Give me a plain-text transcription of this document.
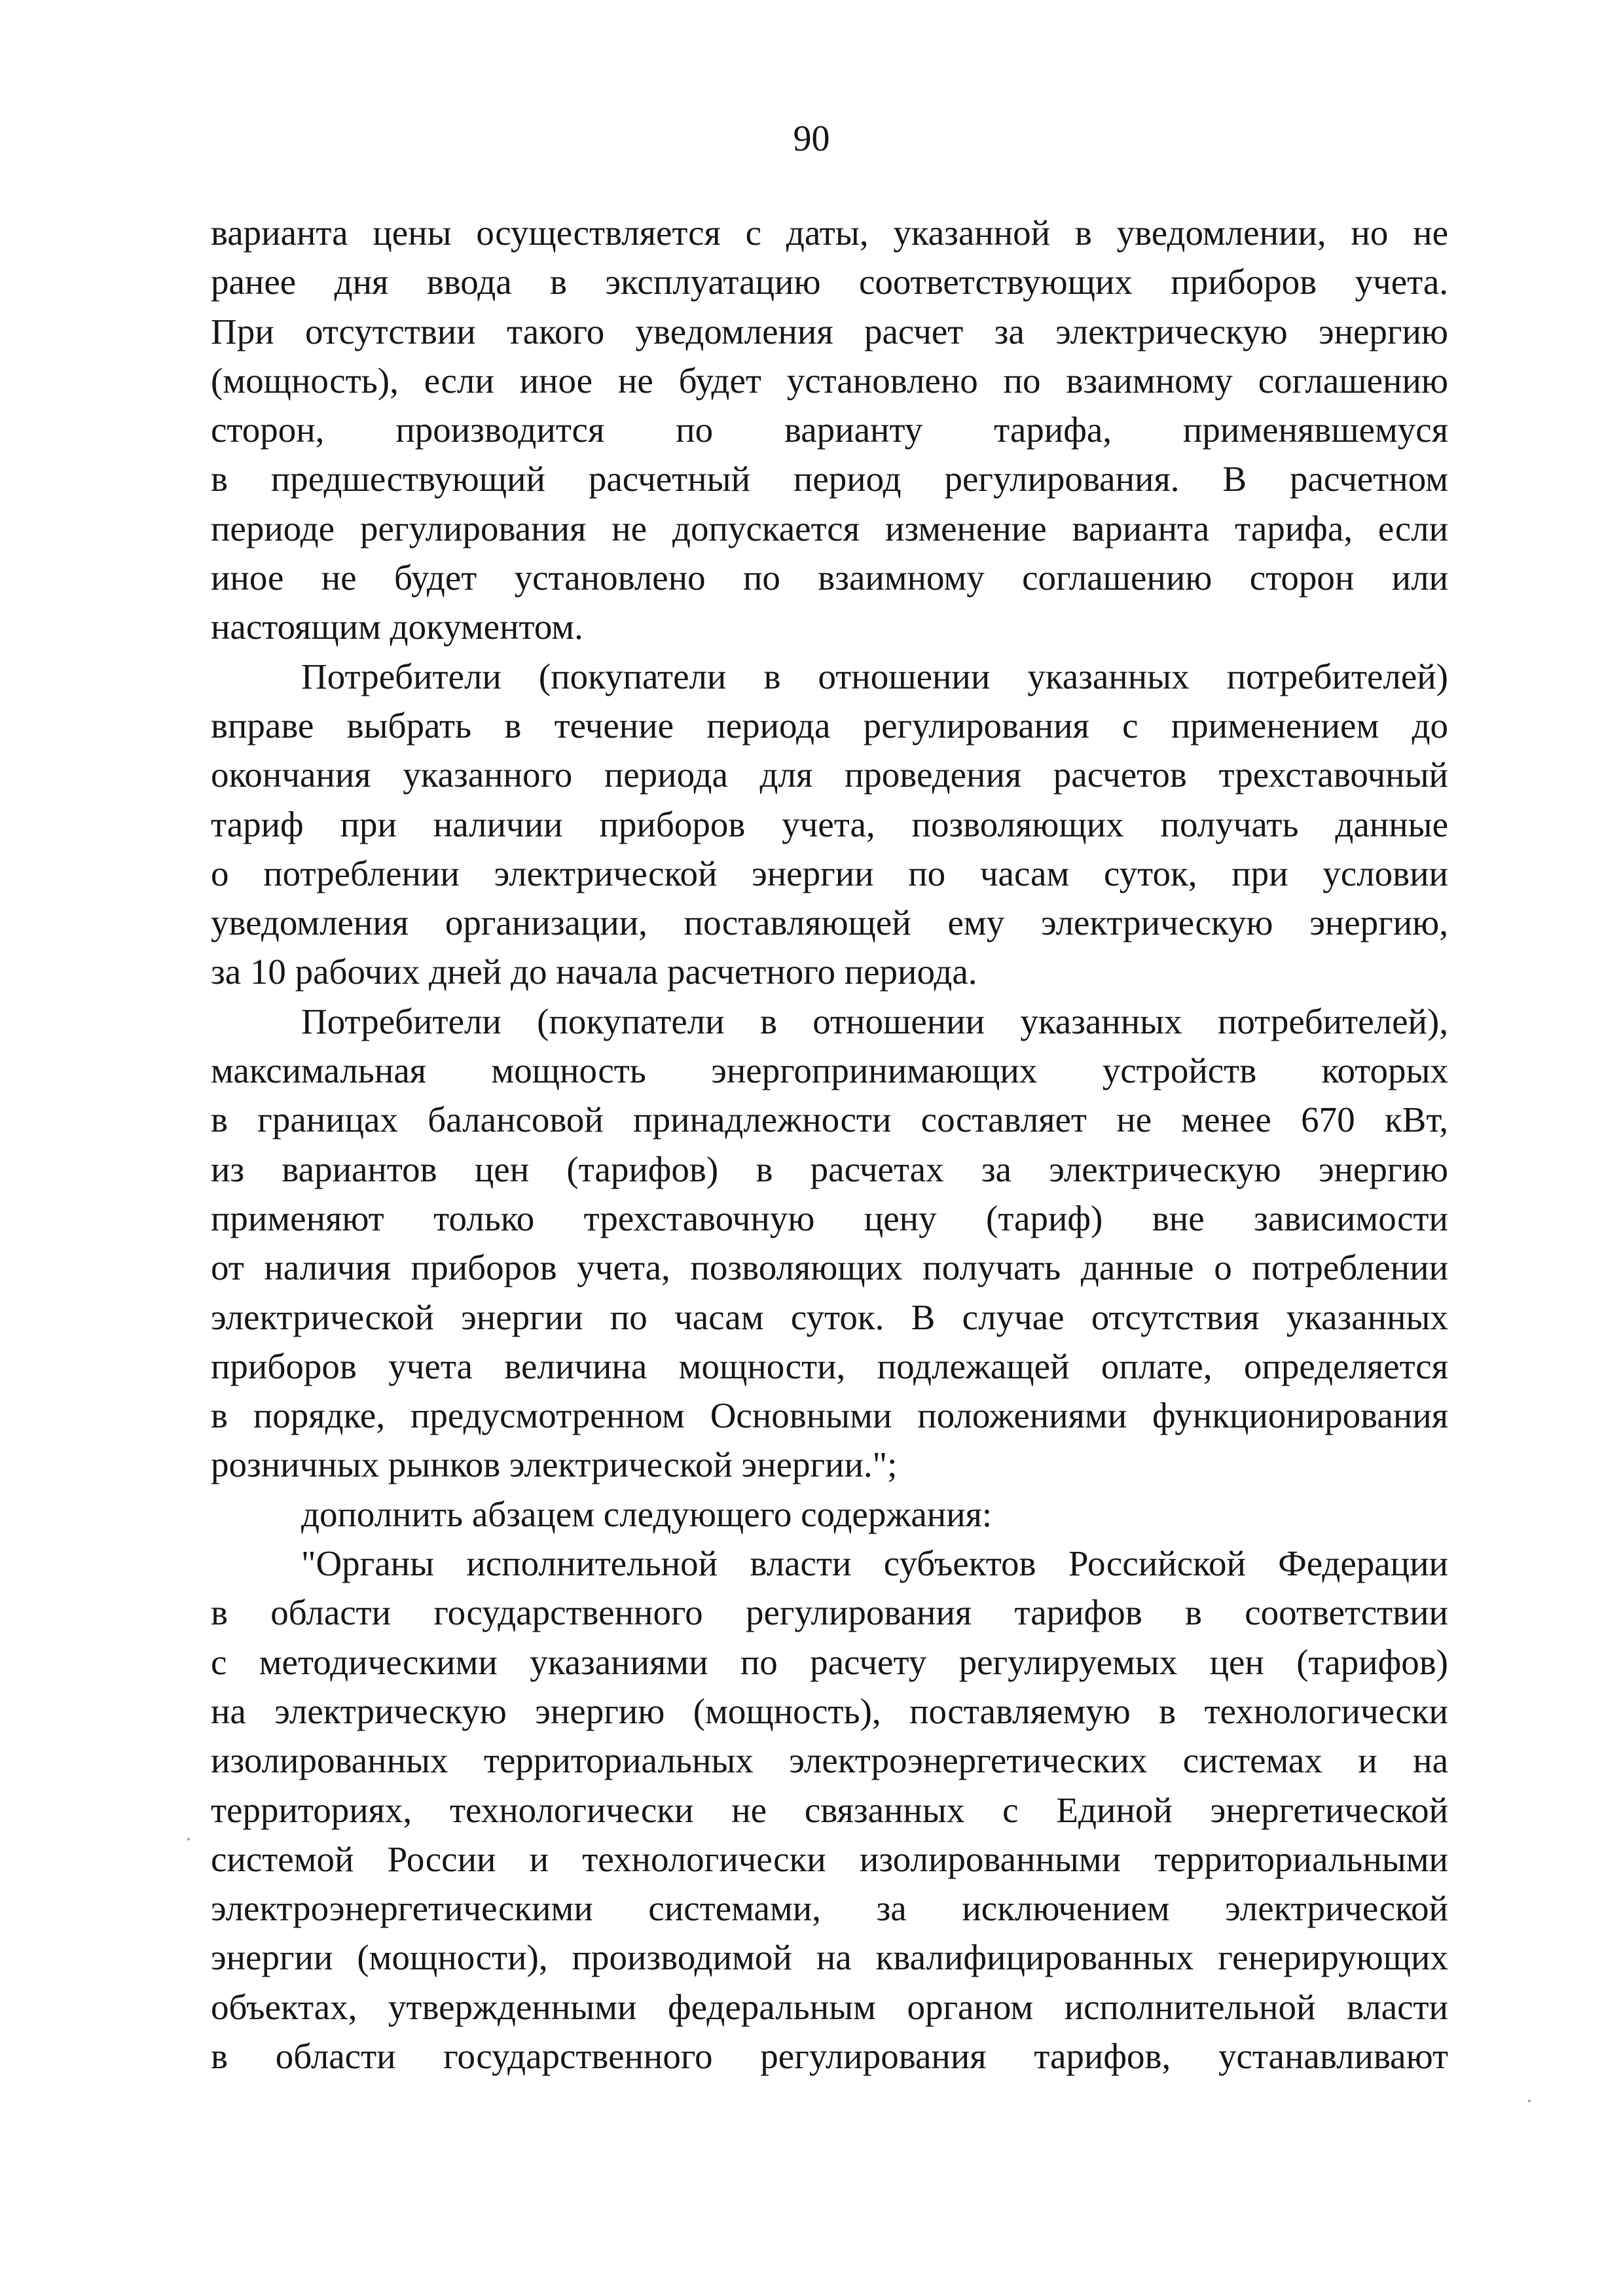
90
варианта цены осуществляется с даты, указанной в уведомлении, но не
ранее дня ввода в эксплуатацию соответствующих приборов учета.
При отсутствии такого уведомления расчет за электрическую энергию
(мощность), если иное не будет установлено по взаимному соглашению
сторон, производится по варианту тарифа, применявшемуся
в предшествующий расчетный период регулирования. В расчетном
периоде регулирования не допускается изменение варианта тарифа, если
иное не будет установлено по взаимному соглашению сторон или
настоящим документом.
Потребители (покупатели в отношении указанных потребителей)
вправе выбрать в течение периода регулирования с применением до
окончания указанного периода для проведения расчетов трехставочный
тариф при наличии приборов учета, позволяющих получать данные
о потреблении электрической энергии по часам суток, при условии
уведомления организации, поставляющей ему электрическую энергию,
за 10 рабочих дней до начала расчетного периода.
Потребители (покупатели в отношении указанных потребителей),
максимальная мощность энергопринимающих устройств которых
в границах балансовой принадлежности составляет не менее 670 кВт,
из вариантов цен (тарифов) в расчетах за электрическую энергию
применяют только трехставочную цену (тариф) вне зависимости
от наличия приборов учета, позволяющих получать данные о потреблении
электрической энергии по часам суток. В случае отсутствия указанных
приборов учета величина мощности, подлежащей оплате, определяется
в порядке, предусмотренном Основными положениями функционирования
розничных рынков электрической энергии.";
дополнить абзацем следующего содержания:
"Органы исполнительной власти субъектов Российской Федерации
в области государственного регулирования тарифов в соответствии
с методическими указаниями по расчету регулируемых цен (тарифов)
на электрическую энергию (мощность), поставляемую в технологически
изолированных территориальных электроэнергетических системах и на
территориях, технологически не связанных с Единой энергетической
системой России и технологически изолированными территориальными
электроэнергетическими системами, за исключением электрической
энергии (мощности), производимой на квалифицированных генерирующих
объектах, утвержденными федеральным органом исполнительной власти
в области государственного регулирования тарифов, устанавливают
